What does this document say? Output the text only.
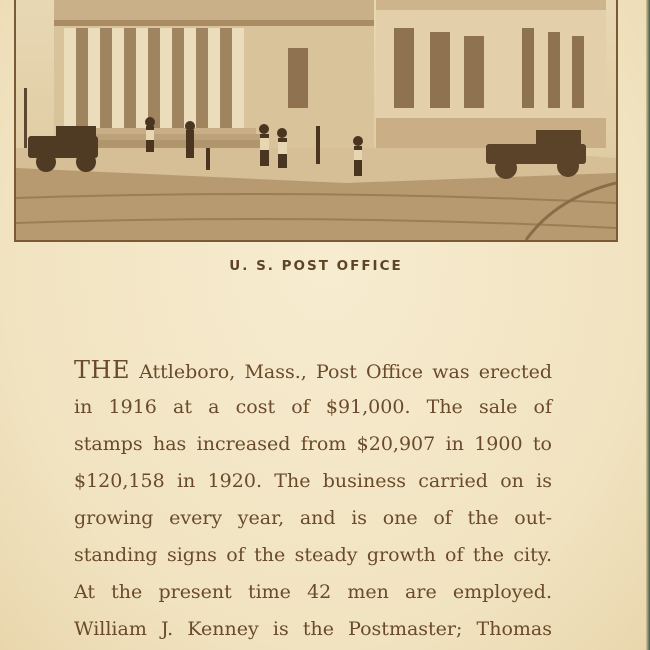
U. S. POST OFFICE
THE Attleboro, Mass., Post Office was erected
in 1916 at a cost of $91,000. The sale of
stamps has increased from $20,907 in 1900 to
$120,158 in 1920. The business carried on is
growing every year, and is one of the out-
standing signs of the steady growth of the city.
At the present time 42 men are employed.
William J. Kenney is the Postmaster; Thomas
